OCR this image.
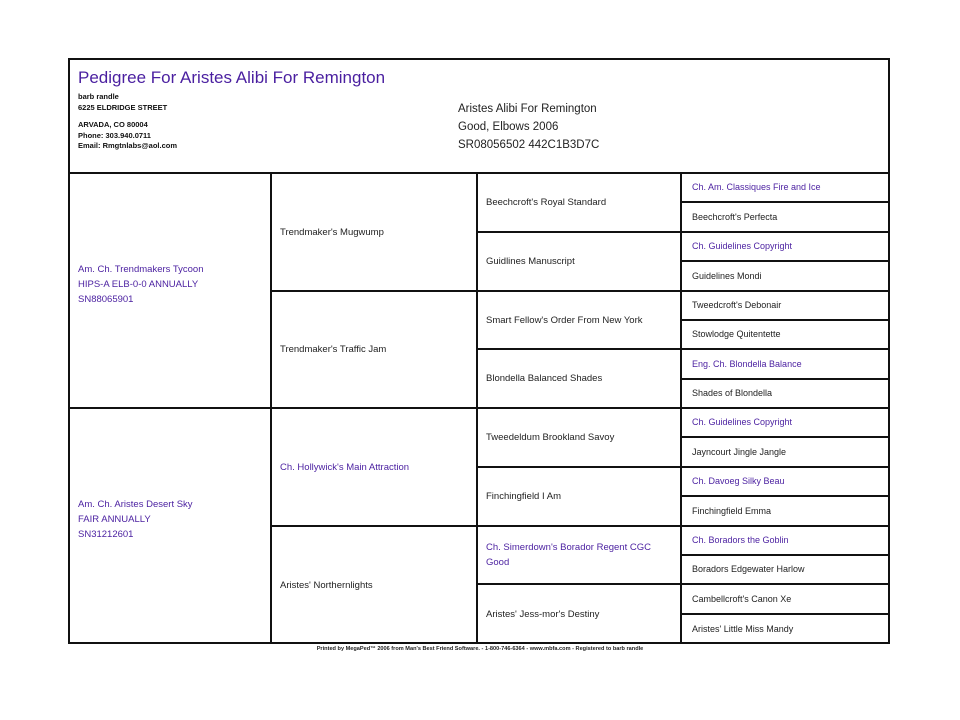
Pedigree For Aristes Alibi For Remington
barb randle
6225 ELDRIDGE STREET
ARVADA, CO 80004
Phone: 303.940.0711
Email: Rmgtnlabs@aol.com
Aristes Alibi For Remington
Good, Elbows 2006
SR08056502 442C1B3D7C
Am. Ch. Trendmakers Tycoon
HIPS-A ELB-0-0 ANNUALLY
SN88065901
Am. Ch. Aristes Desert Sky
FAIR ANNUALLY
SN31212601
Trendmaker's Mugwump
Trendmaker's Traffic Jam
Ch. Hollywick's Main Attraction
Aristes' Northernlights
Beechcroft's Royal Standard
Guidlines Manuscript
Smart Fellow's Order From New York
Blondella Balanced Shades
Tweedeldum Brookland Savoy
Finchingfield I Am
Ch. Simerdown's Borador Regent CGC Good
Aristes' Jess-mor's Destiny
Ch. Am. Classiques Fire and Ice
Beechcroft's Perfecta
Ch. Guidelines Copyright
Guidelines Mondi
Tweedcroft's Debonair
Stowlodge Quitentette
Eng. Ch. Blondella Balance
Shades of Blondella
Ch. Guidelines Copyright
Jayncourt Jingle Jangle
Ch. Davoeg Silky Beau
Finchingfield Emma
Ch. Boradors the Goblin
Boradors Edgewater Harlow
Cambellcroft's Canon Xe
Aristes' Little Miss Mandy
Printed by MegaPed™ 2006 from Man's Best Friend Software. - 1-800-746-6364 - www.mbfa.com - Registered to barb randle
